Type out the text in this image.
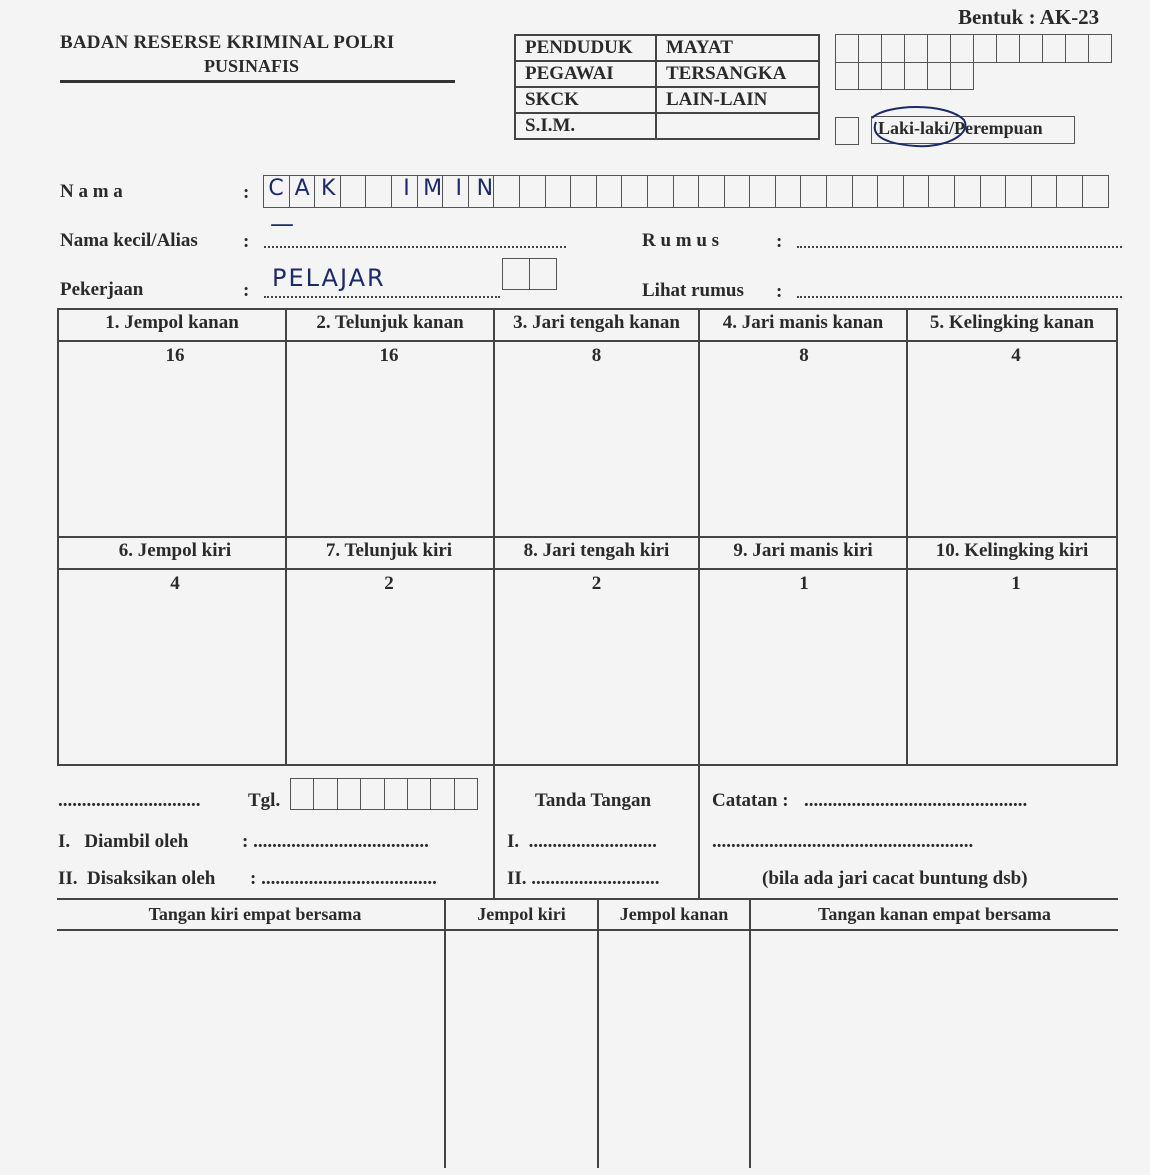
BADAN RESERSE KRIMINAL POLRI
PUSINAFIS
Bentuk : AK-23
PENDUDUK	MAYAT
PEGAWAI	TERSANGKA
SKCK	LAIN-LAIN
S.I.M.		Laki-laki/Perempuan
N a m a	: C A K	I M I N
Nama kecil/Alias :
—
R u m u s	:
Pekerjaan	: PELAJAR	Lihat rumus :
1. Jempol kanan	2. Telunjuk kanan	3. Jari tengah kanan	4. Jari manis kanan	5. Kelingking kanan
16	16	8	8	4
6. Jempol kiri	7. Telunjuk kiri	8. Jari tengah kiri	9. Jari manis kiri	10. Kelingking kiri
4	2	2	1	1
..............................	Tgl.
I.   Diambil oleh	: .....................................
II.  Disaksikan oleh : .....................................
Tanda Tangan
I.  ...........................
II. ...........................
Catatan : ...............................................
.......................................................
(bila ada jari cacat buntung dsb)
Tangan kiri empat bersama	Jempol kiri	Jempol kanan	Tangan kanan empat bersama
